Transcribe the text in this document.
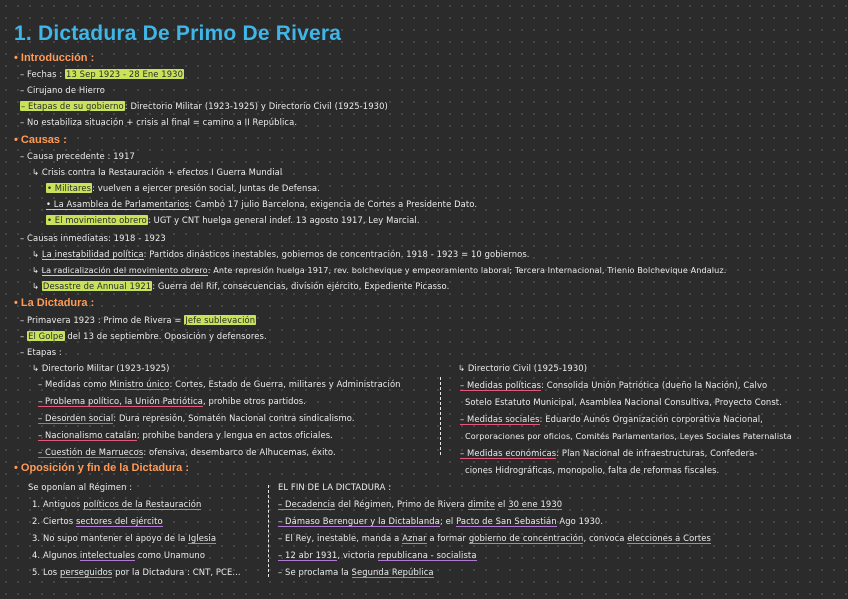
1. Dictadura De Primo De Rivera
• Introducción :
– Fechas : 13 Sep 1923 - 28 Ene 1930
– Cirujano de Hierro
– Etapas de su gobierno: Directorio Militar (1923-1925) y Directorio Civil (1925-1930)
– No estabiliza situación + crisis al final = camino a II República.
• Causas :
– Causa precedente : 1917
↳ Crisis contra la Restauración + efectos I Guerra Mundial
• Militares: vuelven a ejercer presión social, Juntas de Defensa.
• La Asamblea de Parlamentarios: Cambó 17 julio Barcelona, exigencia de Cortes a Presidente Dato.
• El movimiento obrero: UGT y CNT huelga general indef. 13 agosto 1917, Ley Marcial.
– Causas inmediatas: 1918 - 1923
↳ La inestabilidad política: Partidos dinásticos inestables, gobiernos de concentración. 1918 - 1923 = 10 gobiernos.
↳ La radicalización del movimiento obrero: Ante represión huelga 1917, rev. bolchevique y empeoramiento laboral; Tercera Internacional, Trienio Bolchevique Andaluz.
↳ Desastre de Annual 1921: Guerra del Rif, consecuencias, división ejército, Expediente Picasso.
• La Dictadura :
– Primavera 1923 : Primo de Rivera = Jefe sublevación
– El Golpe del 13 de septiembre. Oposición y defensores.
– Etapas :
↳ Directorio Militar (1923-1925)
– Medidas como Ministro único: Cortes, Estado de Guerra, militares y Administración
– Problema político, la Unión Patriótica, prohibe otros partidos.
– Desorden social: Dura represión, Somatén Nacional contra sindicalismo.
– Nacionalismo catalán: prohibe bandera y lengua en actos oficiales.
– Cuestión de Marruecos: ofensiva, desembarco de Alhucemas, éxito.
↳ Directorio Civil (1925-1930)
– Medidas políticas: Consolida Unión Patriótica (dueño la Nación), Calvo
Sotelo Estatuto Municipal, Asamblea Nacional Consultiva, Proyecto Const.
– Medidas sociales: Eduardo Aunós Organización corporativa Nacional,
Corporaciones por oficios, Comités Parlamentarios, Leyes Sociales Paternalista
– Medidas económicas: Plan Nacional de infraestructuras, Confedera-
ciones Hidrográficas, monopolio, falta de reformas fiscales.
• Oposición y fin de la Dictadura :
Se oponían al Régimen :
1. Antiguos políticos de la Restauración
2. Ciertos sectores del ejército
3. No supo mantener el apoyo de la Iglesia
4. Algunos intelectuales como Unamuno
5. Los perseguidos por la Dictadura : CNT, PCE...
EL FIN DE LA DICTADURA :
– Decadencia del Régimen, Primo de Rivera dimite el 30 ene 1930
– Dámaso Berenguer y la Dictablanda; el Pacto de San Sebastián Ago 1930.
– El Rey, inestable, manda a Aznar a formar gobierno de concentración, convoca elecciones a Cortes
– 12 abr 1931, victoria republicana - socialista
– Se proclama la Segunda República
